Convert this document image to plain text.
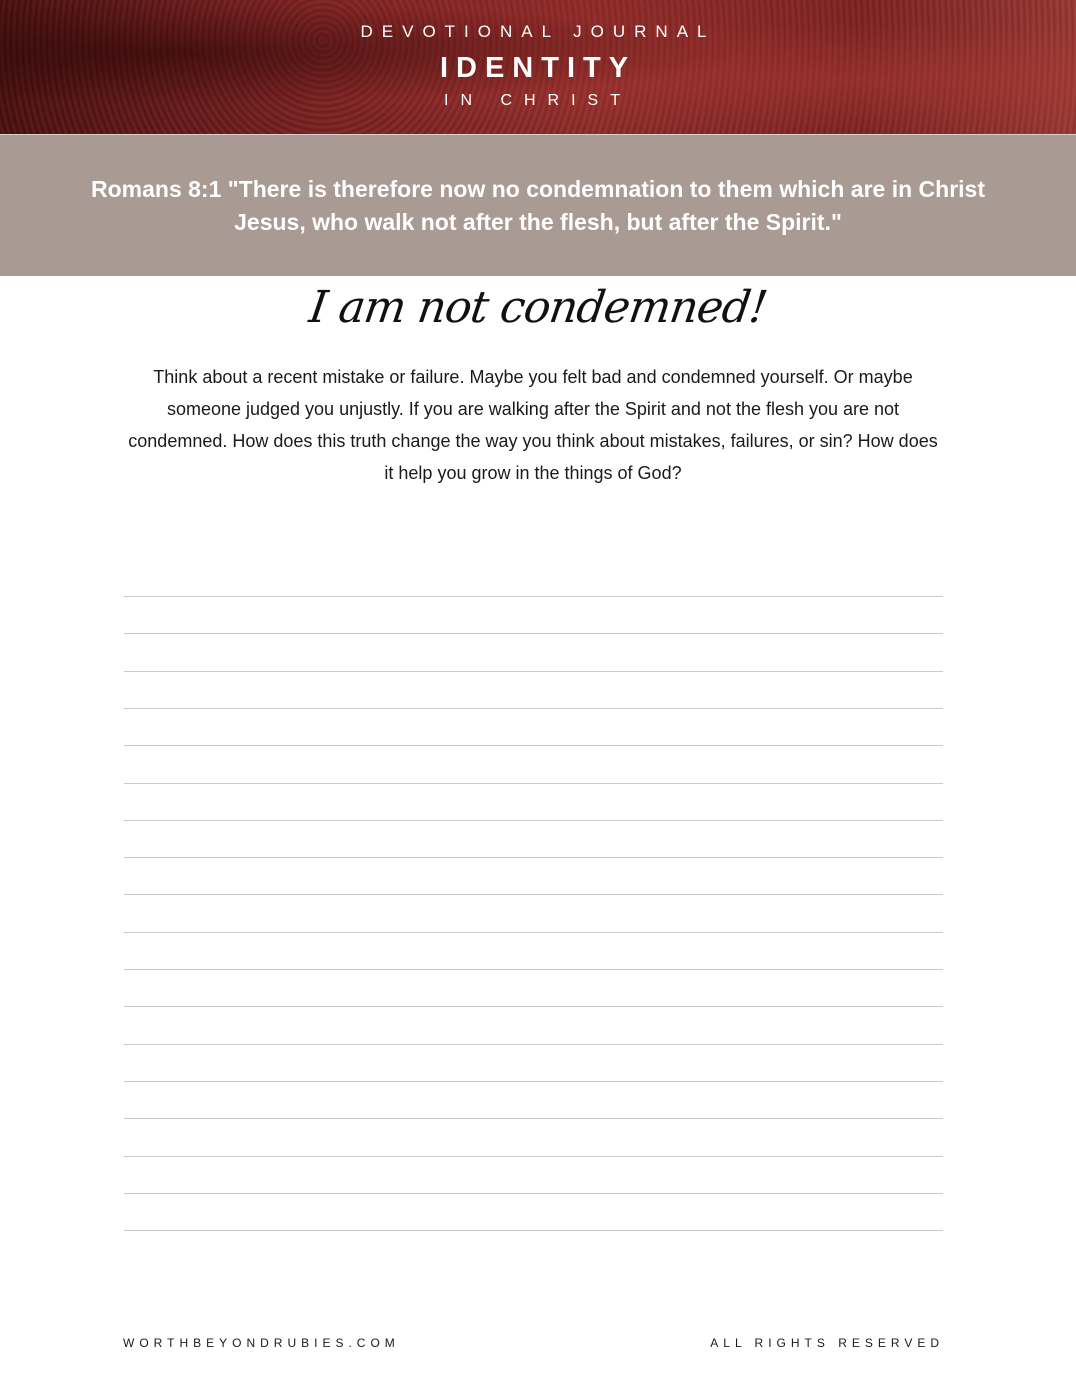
DEVOTIONAL JOURNAL
IDENTITY
IN CHRIST
Romans 8:1 "There is therefore now no condemnation to them which are in Christ Jesus, who walk not after the flesh, but after the Spirit."
I am not condemned!
Think about a recent mistake or failure. Maybe you felt bad and condemned yourself. Or maybe someone judged you unjustly. If you are walking after the Spirit and not the flesh you are not condemned. How does this truth change the way you think about mistakes, failures, or sin? How does it help you grow in the things of God?
WORTHBEYONDRUBIES.COM	ALL RIGHTS RESERVED
